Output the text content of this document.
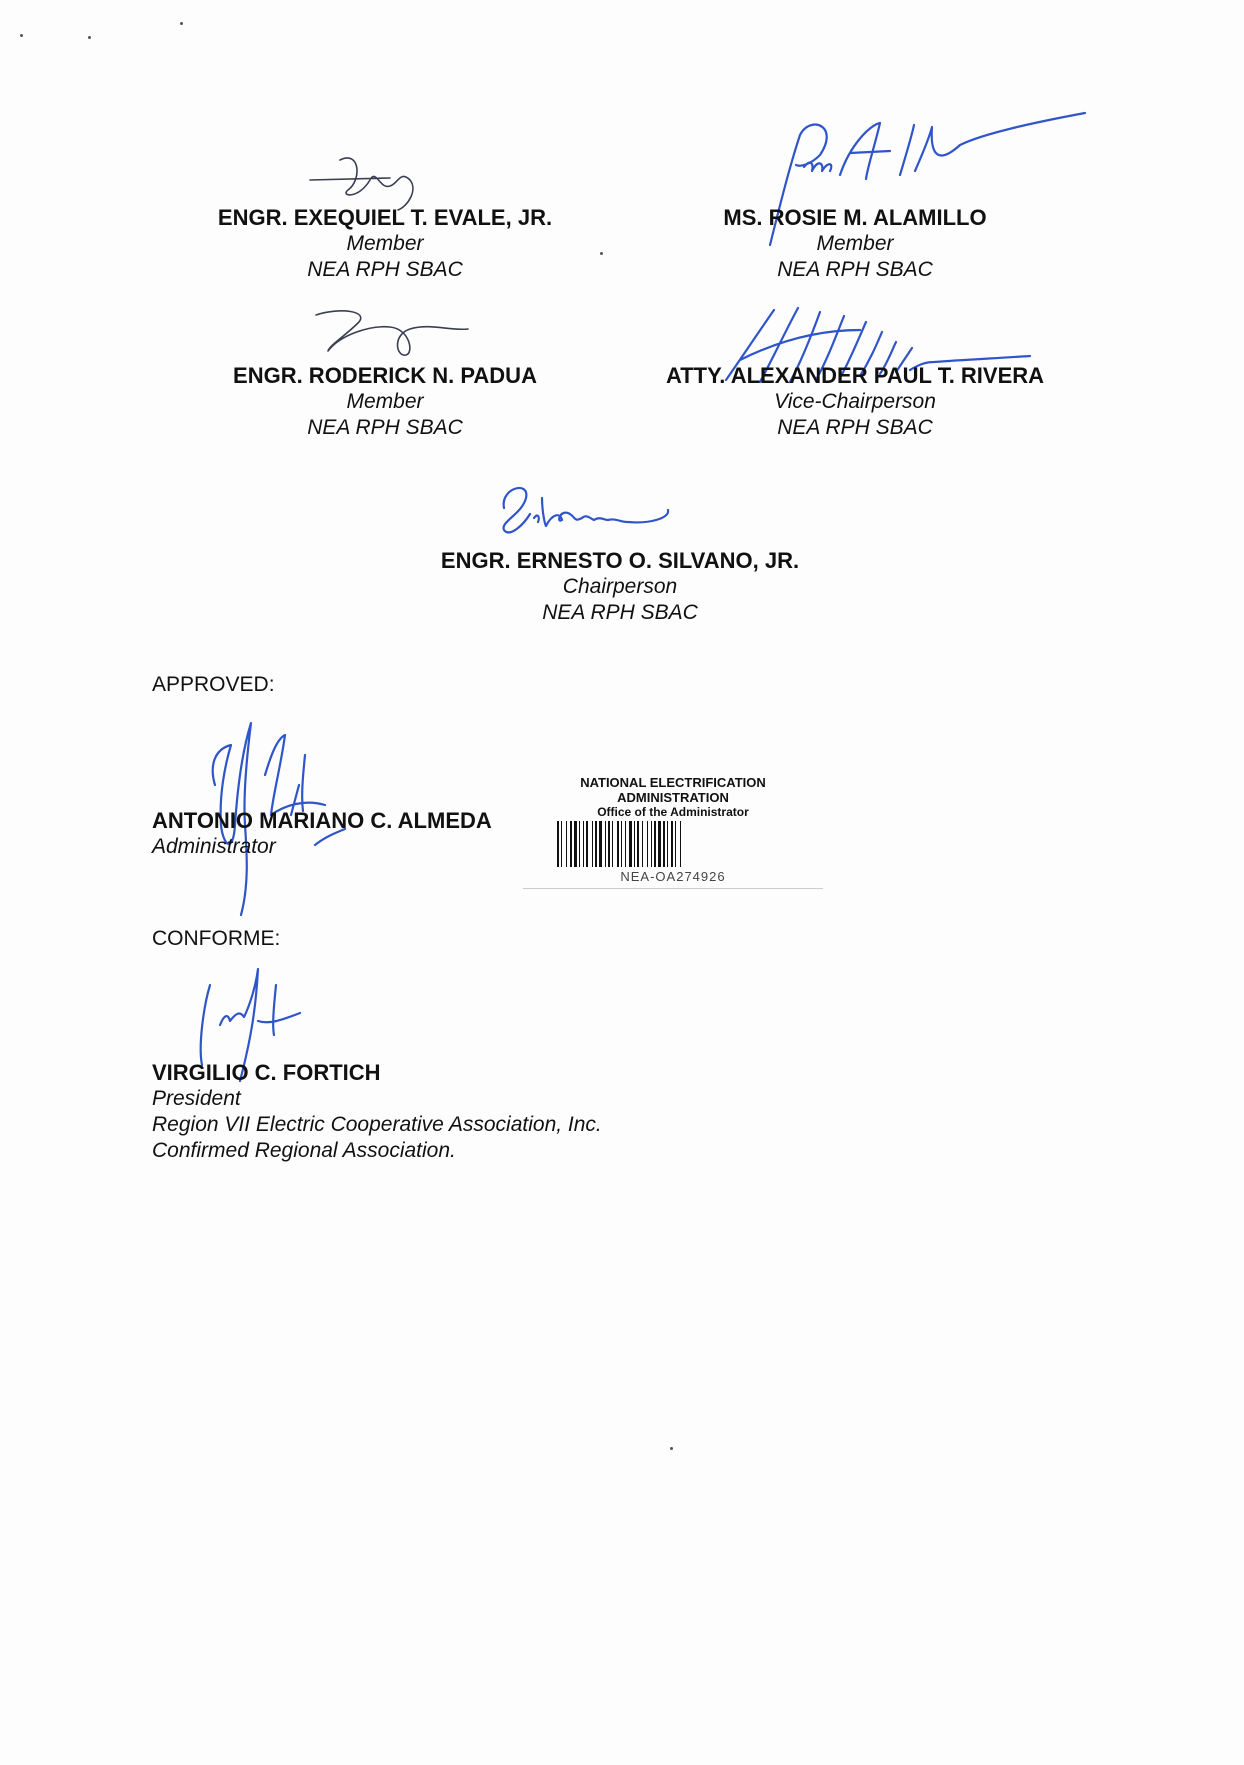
ENGR. EXEQUIEL T. EVALE, JR.
Member
NEA RPH SBAC
MS. ROSIE M. ALAMILLO
Member
NEA RPH SBAC
ENGR. RODERICK N. PADUA
Member
NEA RPH SBAC
ATTY. ALEXANDER PAUL T. RIVERA
Vice-Chairperson
NEA RPH SBAC
ENGR. ERNESTO O. SILVANO, JR.
Chairperson
NEA RPH SBAC
APPROVED:
ANTONIO MARIANO C. ALMEDA
Administrator
NATIONAL ELECTRIFICATION
ADMINISTRATION
Office of the Administrator
NEA-OA274926
CONFORME:
VIRGILIO C. FORTICH
President
Region VII Electric Cooperative Association, Inc.
Confirmed Regional Association.
